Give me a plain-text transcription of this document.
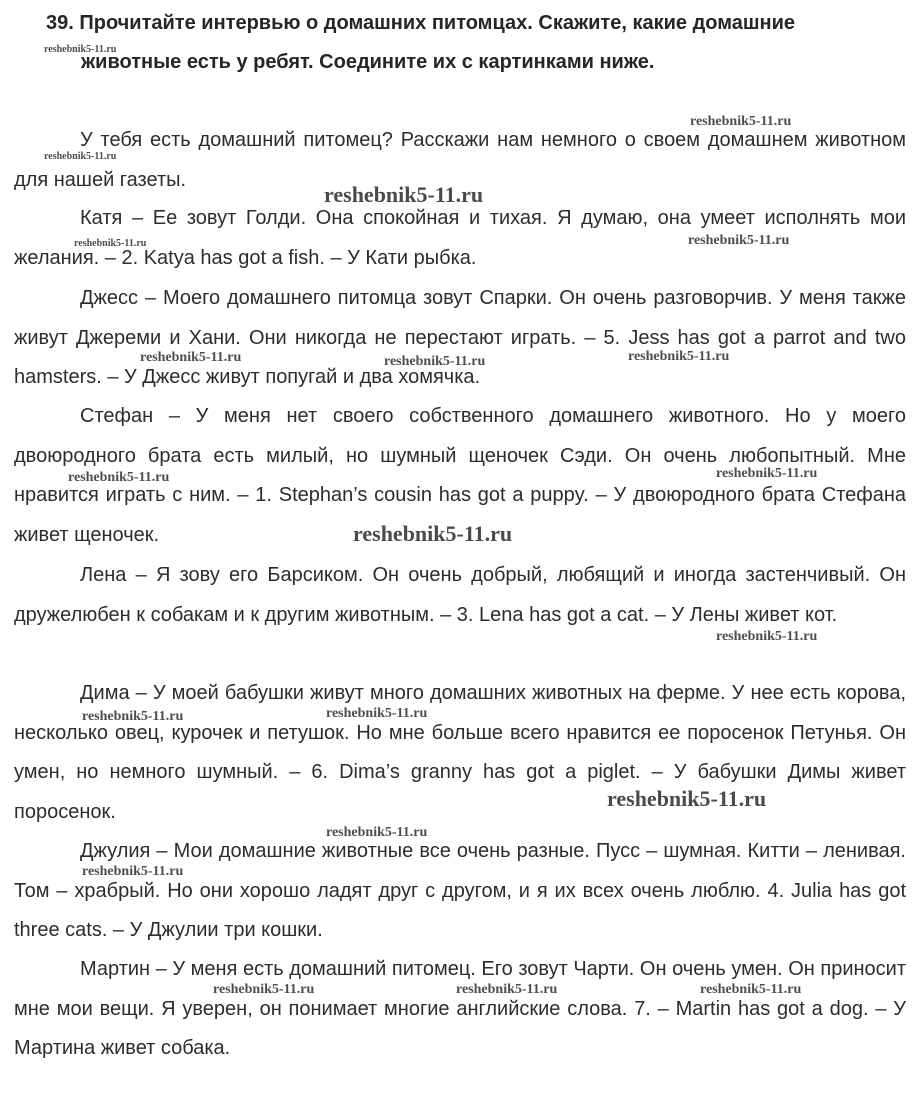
39. Прочитайте интервью о домашних питомцах. Скажите, какие домашние
животные есть у ребят. Соедините их с картинками ниже.

У тебя есть домашний питомец? Расскажи нам немного о своем домашнем животном для нашей газеты.

Катя – Ее зовут Голди. Она спокойная и тихая. Я думаю, она умеет исполнять мои желания. – 2. Katya has got a fish. – У Кати рыбка.

Джесс – Моего домашнего питомца зовут Спарки. Он очень разговорчив. У меня также живут Джереми и Хани. Они никогда не перестают играть. – 5. Jess has got a parrot and two hamsters. – У Джесс живут попугай и два хомячка.

Стефан – У меня нет своего собственного домашнего животного. Но у моего двоюродного брата есть милый, но шумный щеночек Сэди. Он очень любопытный. Мне нравится играть с ним. – 1. Stephan’s cousin has got a puppy. – У двоюродного брата Стефана живет щеночек.

Лена – Я зову его Барсиком. Он очень добрый, любящий и иногда застенчивый. Он дружелюбен к собакам и к другим животным. – 3. Lena has got a cat. – У Лены живет кот.

Дима – У моей бабушки живут много домашних животных на ферме. У нее есть корова, несколько овец, курочек и петушок. Но мне больше всего нравится ее поросенок Петунья. Он умен, но немного шумный. – 6. Dima’s granny has got a piglet. – У бабушки Димы живет поросенок.

Джулия – Мои домашние животные все очень разные. Пусс – шумная. Китти – ленивая. Том – храбрый. Но они хорошо ладят друг с другом, и я их всех очень люблю. 4. Julia has got three cats. – У Джулии три кошки.

Мартин – У меня есть домашний питомец. Его зовут Чарти. Он очень умен. Он приносит мне мои вещи. Я уверен, он понимает многие английские слова. 7. – Martin has got a dog. – У Мартина живет собака.

reshebnik5-11.ru
reshebnik5-11.ru
reshebnik5-11.ru
reshebnik5-11.ru
reshebnik5-11.ru	reshebnik5-11.ru
reshebnik5-11.ru	reshebnik5-11.ru	reshebnik5-11.ru
reshebnik5-11.ru	reshebnik5-11.ru
reshebnik5-11.ru
reshebnik5-11.ru
reshebnik5-11.ru	reshebnik5-11.ru
reshebnik5-11.ru
reshebnik5-11.ru
reshebnik5-11.ru
reshebnik5-11.ru	reshebnik5-11.ru	reshebnik5-11.ru
